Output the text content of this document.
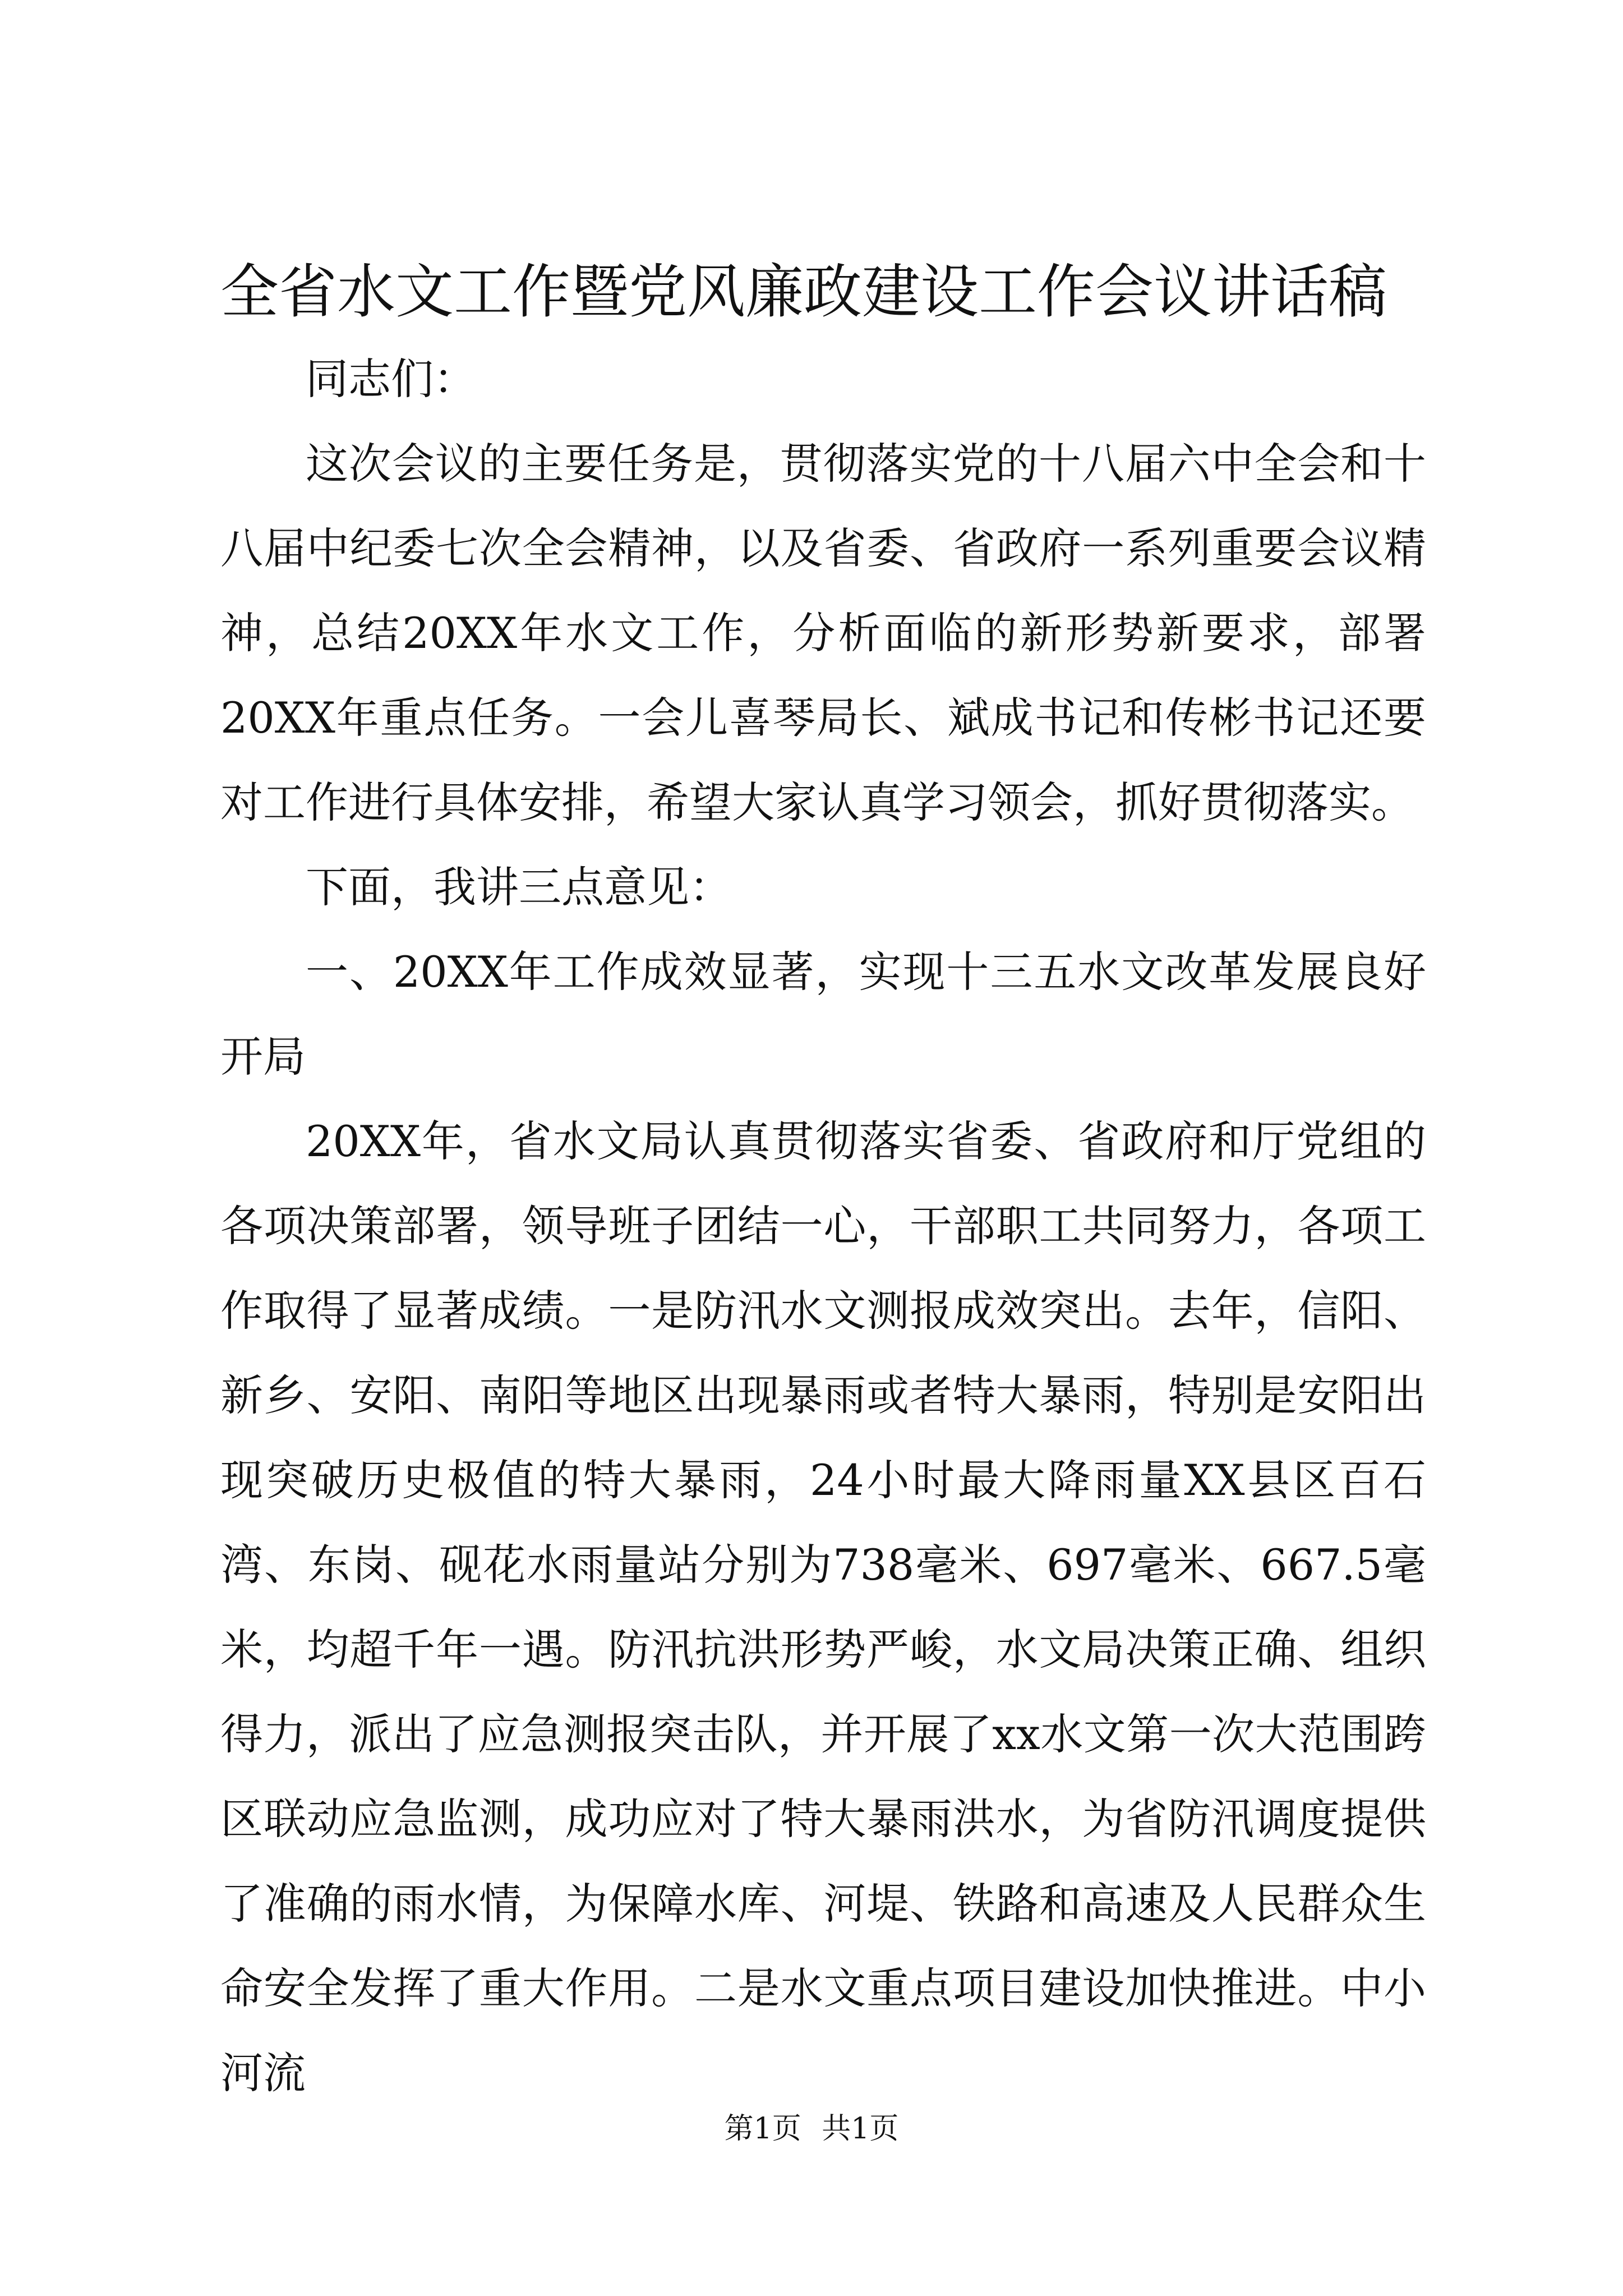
全省水文工作暨党风廉政建设工作会议讲话稿

同志们：

这次会议的主要任务是，贯彻落实党的十八届六中全会和十八届中纪委七次全会精神，以及省委、省政府一系列重要会议精神，总结20XX年水文工作，分析面临的新形势新要求，部署20XX年重点任务。一会儿喜琴局长、斌成书记和传彬书记还要对工作进行具体安排，希望大家认真学习领会，抓好贯彻落实。

下面，我讲三点意见：

一、20XX年工作成效显著，实现十三五水文改革发展良好开局

20XX年，省水文局认真贯彻落实省委、省政府和厅党组的各项决策部署，领导班子团结一心，干部职工共同努力，各项工作取得了显著成绩。一是防汛水文测报成效突出。去年，信阳、新乡、安阳、南阳等地区出现暴雨或者特大暴雨，特别是安阳出现突破历史极值的特大暴雨，24小时最大降雨量XX县区百石湾、东岗、砚花水雨量站分别为738毫米、697毫米、667.5毫米，均超千年一遇。防汛抗洪形势严峻，水文局决策正确、组织得力，派出了应急测报突击队，并开展了xx水文第一次大范围跨区联动应急监测，成功应对了特大暴雨洪水，为省防汛调度提供了准确的雨水情，为保障水库、河堤、铁路和高速及人民群众生命安全发挥了重大作用。二是水文重点项目建设加快推进。中小河流

第1页 共1页
